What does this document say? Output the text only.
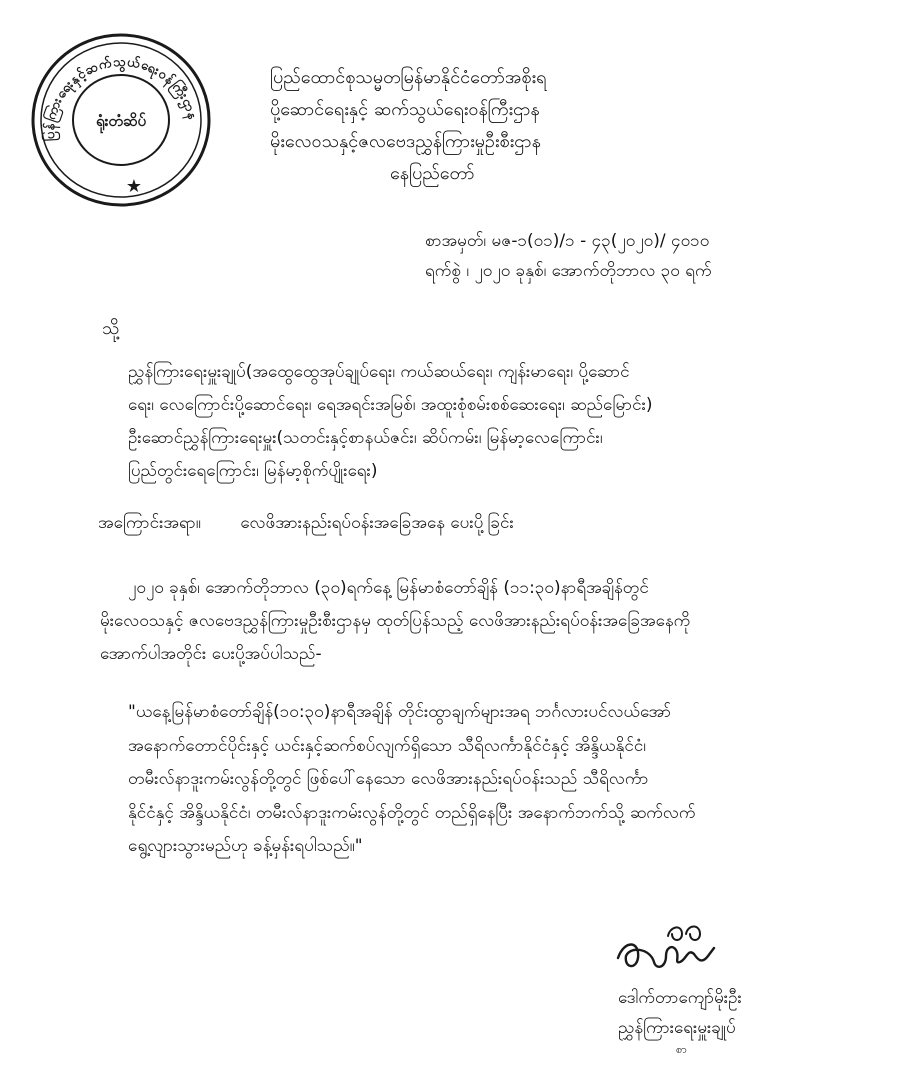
ပြန်ကြားရေးနှင့်ဆက်သွယ်ရေးဝန်ကြီးဌာန
ရုံးတံဆိပ်
★
ပြည်ထောင်စုသမ္မတမြန်မာနိုင်ငံတော်အစိုးရ
ပို့ဆောင်ရေးနှင့် ဆက်သွယ်ရေးဝန်ကြီးဌာန
မိုးလေဝသနှင့်ဇလဗေဒညွှန်ကြားမှုဦးစီးဌာန
နေပြည်တော်
စာအမှတ်၊ မဇ-၁(၀၁)/၁ - ၄၃(၂၀၂၀)/ ၄၀၁၀
ရက်စွဲ ၊ ၂၀၂၀ ခုနှစ်၊ အောက်တိုဘာလ ၃၀ ရက်
သို့
ညွှန်ကြားရေးမှူးချုပ်(အထွေထွေအုပ်ချုပ်ရေး၊ ကယ်ဆယ်ရေး၊ ကျန်းမာရေး၊ ပို့ဆောင်
ရေး၊ လေကြောင်းပို့ဆောင်ရေး၊ ရေအရင်းအမြစ်၊ အထူးစုံစမ်းစစ်ဆေးရေး၊ ဆည်မြောင်း)
ဦးဆောင်ညွှန်ကြားရေးမှူး(သတင်းနှင့်စာနယ်ဇင်း၊ ဆိပ်ကမ်း၊ မြန်မာ့လေကြောင်း၊
ပြည်တွင်းရေကြောင်း၊ မြန်မာ့စိုက်ပျိုးရေး)
အကြောင်းအရာ။ လေဖိအားနည်းရပ်ဝန်းအခြေအနေ ပေးပို့ခြင်း
၂၀၂၀ ခုနှစ်၊ အောက်တိုဘာလ (၃၀)ရက်နေ့ မြန်မာစံတော်ချိန် (၁၁:၃၀)နာရီအချိန်တွင်
မိုးလေဝသနှင့် ဇလဗေဒညွှန်ကြားမှုဦးစီးဌာနမှ ထုတ်ပြန်သည့် လေဖိအားနည်းရပ်ဝန်းအခြေအနေကို
အောက်ပါအတိုင်း ပေးပို့အပ်ပါသည်-
"ယနေ့မြန်မာစံတော်ချိန်(၁၀:၃၀)နာရီအချိန် တိုင်းထွာချက်များအရ ဘင်္ဂလားပင်လယ်အော်
အနောက်တောင်ပိုင်းနှင့် ယင်းနှင့်ဆက်စပ်လျက်ရှိသော သီရိလင်္ကာနိုင်ငံနှင့် အိန္ဒိယနိုင်ငံ၊
တမီးလ်နာဒူးကမ်းလွန်တို့တွင် ဖြစ်ပေါ်နေသော လေဖိအားနည်းရပ်ဝန်းသည် သီရိလင်္ကာ
နိုင်ငံနှင့် အိန္ဒိယနိုင်ငံ၊ တမီးလ်နာဒူးကမ်းလွန်တို့တွင် တည်ရှိနေပြီး အနောက်ဘက်သို့ ဆက်လက်
ရွေ့လျားသွားမည်ဟု ခန့်မှန်းရပါသည်။"
ဒေါက်တာကျော်မိုးဦး
ညွှန်ကြားရေးမှူးချုပ်
စာ
